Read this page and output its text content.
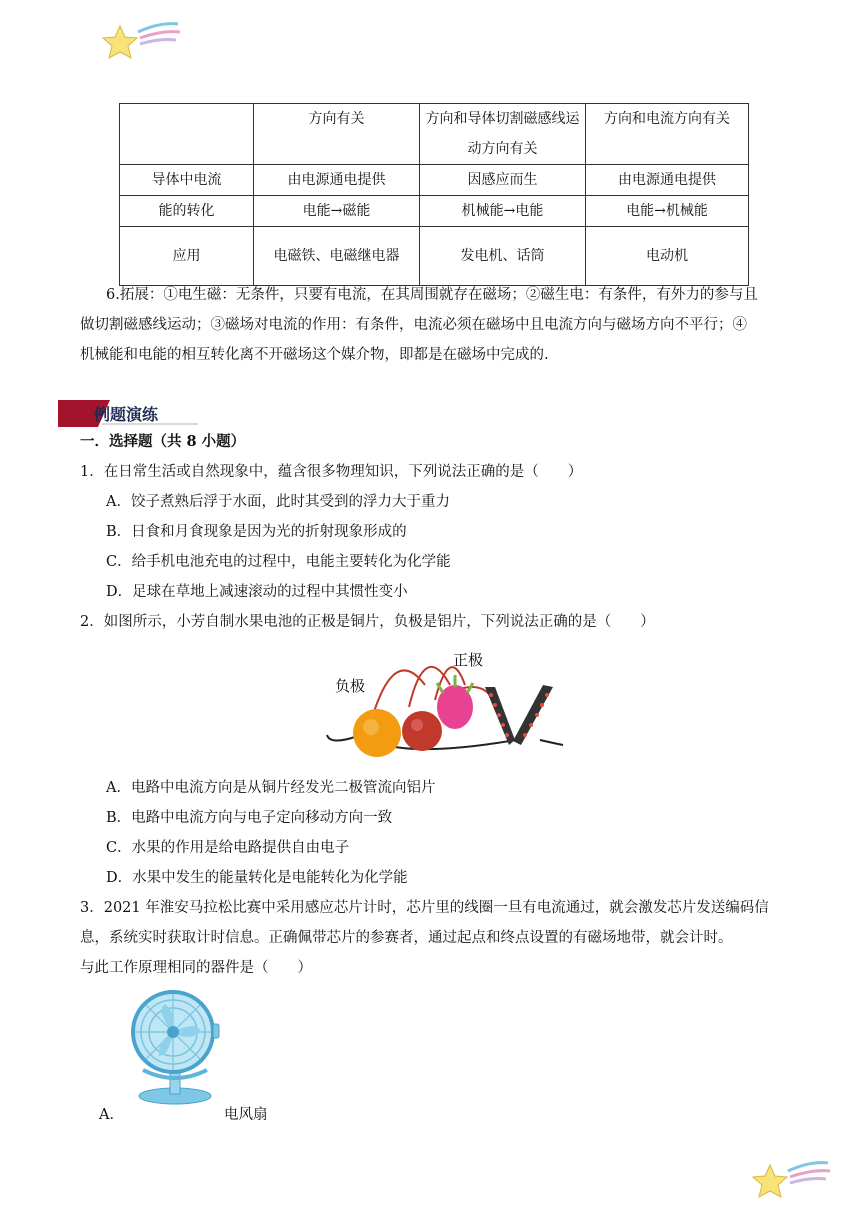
	方向有关	方向和导体切割磁感线运动方向有关	方向和电流方向有关
导体中电流	由电源通电提供	因感应而生	由电源通电提供
能的转化	电能→磁能	机械能→电能	电能→机械能
应用	电磁铁、电磁继电器	发电机、话筒	电动机
6.拓展：①电生磁：无条件，只要有电流，在其周围就存在磁场；②磁生电：有条件，有外力的参与且
做切割磁感线运动；③磁场对电流的作用：有条件，电流必须在磁场中且电流方向与磁场方向不平行；④
机械能和电能的相互转化离不开磁场这个媒介物，即都是在磁场中完成的.
例题演练
一．选择题（共 8 小题）
1．在日常生活或自然现象中，蕴含很多物理知识，下列说法正确的是（　　）
A．饺子煮熟后浮于水面，此时其受到的浮力大于重力
B．日食和月食现象是因为光的折射现象形成的
C．给手机电池充电的过程中，电能主要转化为化学能
D．足球在草地上减速滚动的过程中其惯性变小
2．如图所示，小芳自制水果电池的正极是铜片，负极是铝片，下列说法正确的是（　　）
负极
正极
A．电路中电流方向是从铜片经发光二极管流向铝片
B．电路中电流方向与电子定向移动方向一致
C．水果的作用是给电路提供自由电子
D．水果中发生的能量转化是电能转化为化学能
3．2021 年淮安马拉松比赛中采用感应芯片计时，芯片里的线圈一旦有电流通过，就会激发芯片发送编码信
息，系统实时获取计时信息。正确佩带芯片的参赛者，通过起点和终点设置的有磁场地带，就会计时。
与此工作原理相同的器件是（　　）
A．	电风扇
